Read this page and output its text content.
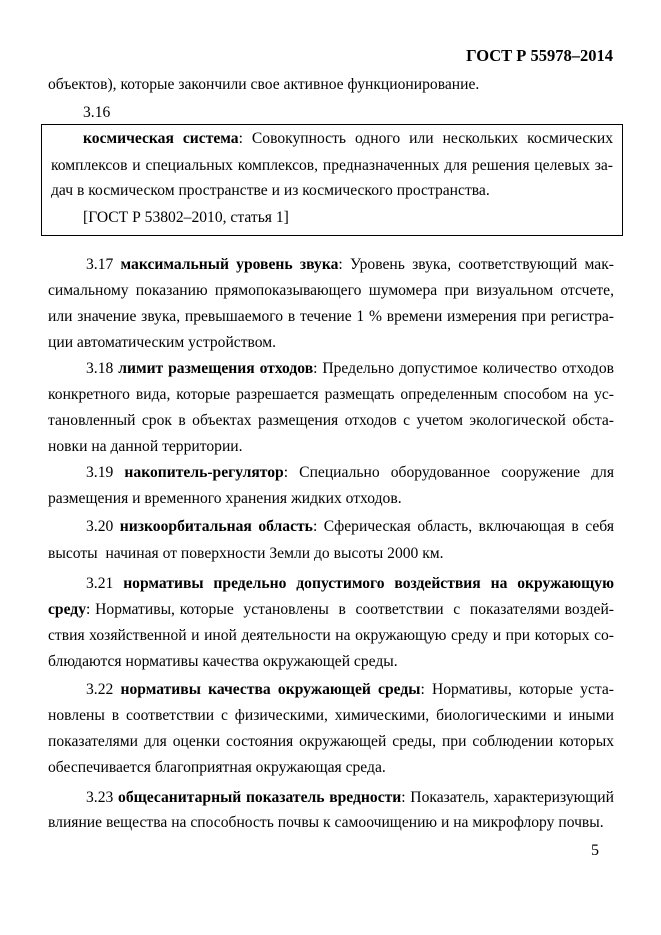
ГОСТ Р 55978–2014
объектов), которые закончили свое активное функционирование.
3.16
космическая система: Совокупность одного или нескольких космических
комплексов и специальных комплексов, предназначенных для решения целевых за-
дач в космическом пространстве и из космического пространства.
[ГОСТ Р 53802–2010, статья 1]
3.17 максимальный уровень звука: Уровень звука, соответствующий мак-
симальному показанию прямопоказывающего шумомера при визуальном отсчете,
или значение звука, превышаемого в течение 1 % времени измерения при регистра-
ции автоматическим устройством.
3.18 лимит размещения отходов: Предельно допустимое количество отходов
конкретного вида, которые разрешается размещать определенным способом на ус-
тановленный срок в объектах размещения отходов с учетом экологической обста-
новки на данной территории.
3.19 накопитель-регулятор: Специально оборудованное сооружение для
размещения и временного хранения жидких отходов.
3.20 низкоорбитальная область: Сферическая область, включающая в себя
высоты  начиная от поверхности Земли до высоты 2000 км.
3.21 нормативы предельно допустимого воздействия на окружающую
среду: Нормативы, которые  установлены  в  соответствии  с  показателями воздей-
ствия хозяйственной и иной деятельности на окружающую среду и при которых со-
блюдаются нормативы качества окружающей среды.
3.22 нормативы качества окружающей среды: Нормативы, которые уста-
новлены в соответствии с физическими, химическими, биологическими и иными
показателями для оценки состояния окружающей среды, при соблюдении которых
обеспечивается благоприятная окружающая среда.
3.23 общесанитарный показатель вредности: Показатель, характеризующий
влияние вещества на способность почвы к самоочищению и на микрофлору почвы.
5
